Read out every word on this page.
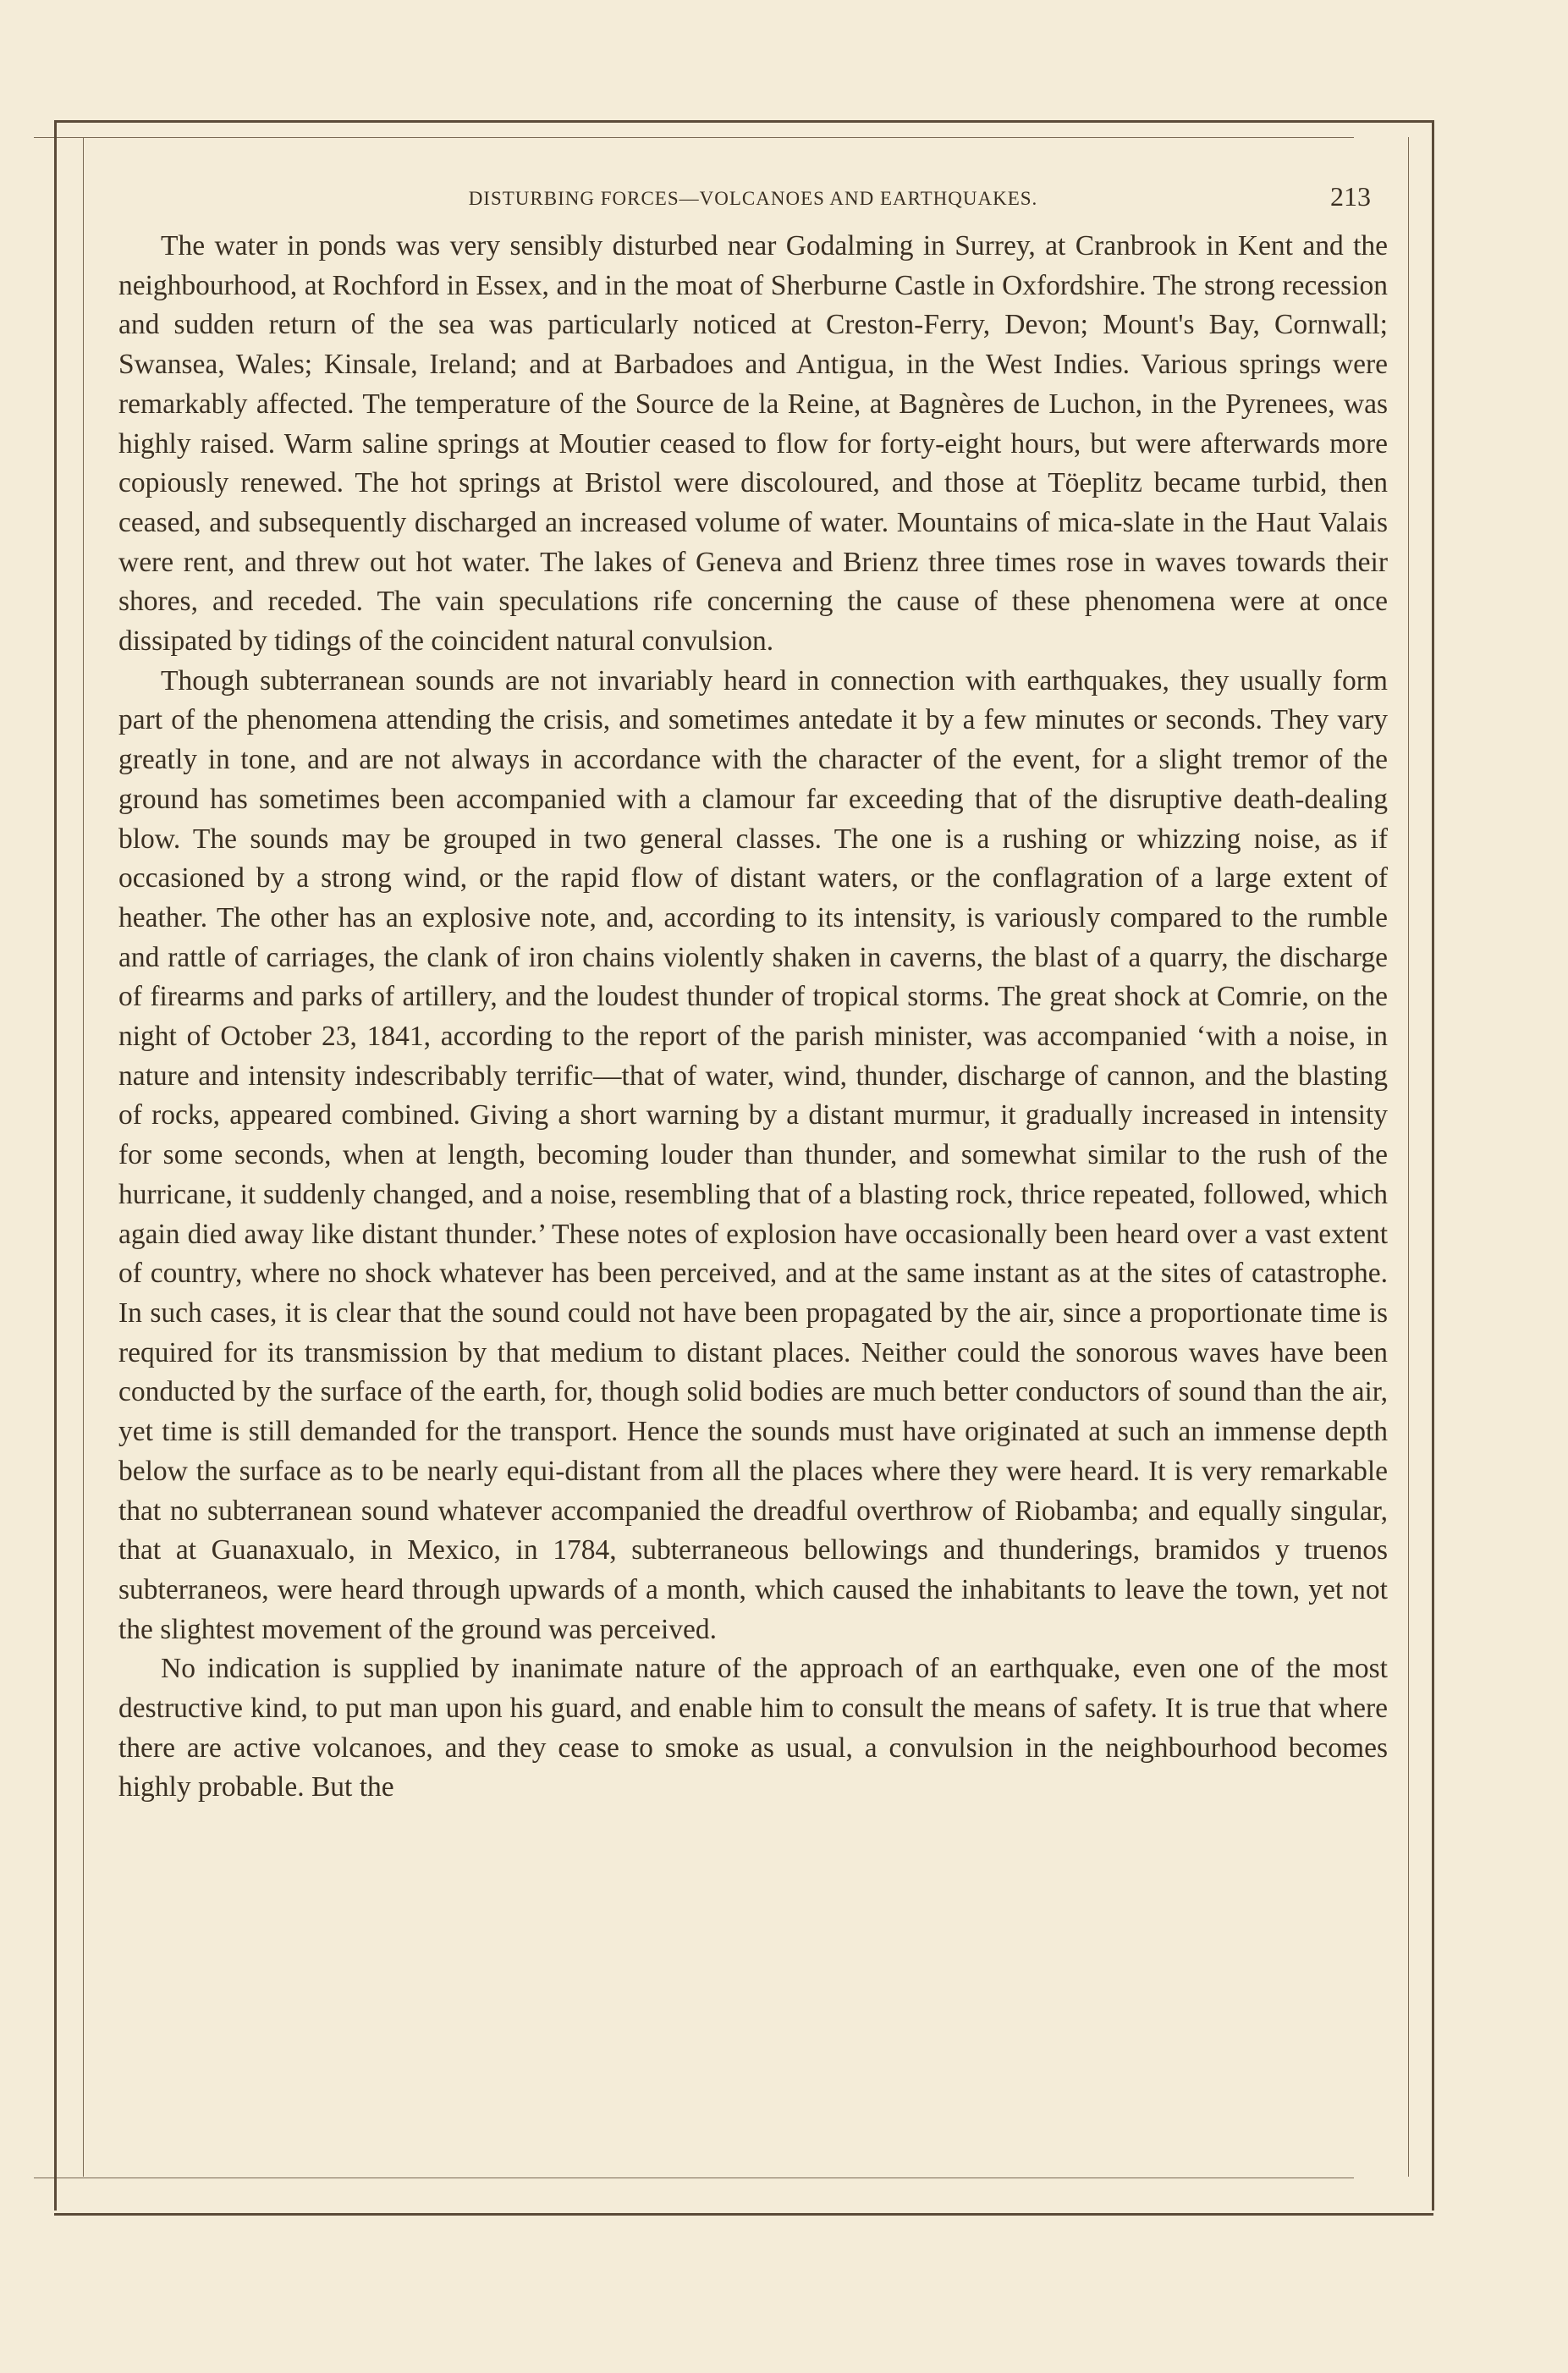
DISTURBING FORCES—VOLCANOES AND EARTHQUAKES.	213

The water in ponds was very sensibly disturbed near Godalming in Surrey, at Cranbrook in Kent and the neighbourhood, at Rochford in Essex, and in the moat of Sherburne Castle in Oxfordshire. The strong recession and sudden return of the sea was particularly noticed at Creston-Ferry, Devon; Mount's Bay, Cornwall; Swansea, Wales; Kinsale, Ireland; and at Barbadoes and Antigua, in the West Indies. Various springs were remarkably affected. The temperature of the Source de la Reine, at Bagnères de Luchon, in the Pyrenees, was highly raised. Warm saline springs at Moutier ceased to flow for forty-eight hours, but were afterwards more copiously renewed. The hot springs at Bristol were discoloured, and those at Töeplitz became turbid, then ceased, and subsequently discharged an increased volume of water. Mountains of mica-slate in the Haut Valais were rent, and threw out hot water. The lakes of Geneva and Brienz three times rose in waves towards their shores, and receded. The vain speculations rife concerning the cause of these phenomena were at once dissipated by tidings of the coincident natural convulsion.

Though subterranean sounds are not invariably heard in connection with earthquakes, they usually form part of the phenomena attending the crisis, and sometimes antedate it by a few minutes or seconds. They vary greatly in tone, and are not always in accordance with the character of the event, for a slight tremor of the ground has sometimes been accompanied with a clamour far exceeding that of the disruptive death-dealing blow. The sounds may be grouped in two general classes. The one is a rushing or whizzing noise, as if occasioned by a strong wind, or the rapid flow of distant waters, or the conflagration of a large extent of heather. The other has an explosive note, and, according to its intensity, is variously compared to the rumble and rattle of carriages, the clank of iron chains violently shaken in caverns, the blast of a quarry, the discharge of firearms and parks of artillery, and the loudest thunder of tropical storms. The great shock at Comrie, on the night of October 23, 1841, according to the report of the parish minister, was accompanied ‘with a noise, in nature and intensity indescribably terrific—that of water, wind, thunder, discharge of cannon, and the blasting of rocks, appeared combined. Giving a short warning by a distant murmur, it gradually increased in intensity for some seconds, when at length, becoming louder than thunder, and somewhat similar to the rush of the hurricane, it suddenly changed, and a noise, resembling that of a blasting rock, thrice repeated, followed, which again died away like distant thunder.’ These notes of explosion have occasionally been heard over a vast extent of country, where no shock whatever has been perceived, and at the same instant as at the sites of catastrophe. In such cases, it is clear that the sound could not have been propagated by the air, since a proportionate time is required for its transmission by that medium to distant places. Neither could the sonorous waves have been conducted by the surface of the earth, for, though solid bodies are much better conductors of sound than the air, yet time is still demanded for the transport. Hence the sounds must have originated at such an immense depth below the surface as to be nearly equi-distant from all the places where they were heard. It is very remarkable that no subterranean sound whatever accompanied the dreadful overthrow of Riobamba; and equally singular, that at Guanaxualo, in Mexico, in 1784, subterraneous bellowings and thunderings, bramidos y truenos subterraneos, were heard through upwards of a month, which caused the inhabitants to leave the town, yet not the slightest movement of the ground was perceived.

No indication is supplied by inanimate nature of the approach of an earthquake, even one of the most destructive kind, to put man upon his guard, and enable him to consult the means of safety. It is true that where there are active volcanoes, and they cease to smoke as usual, a convulsion in the neighbourhood becomes highly probable. But the
